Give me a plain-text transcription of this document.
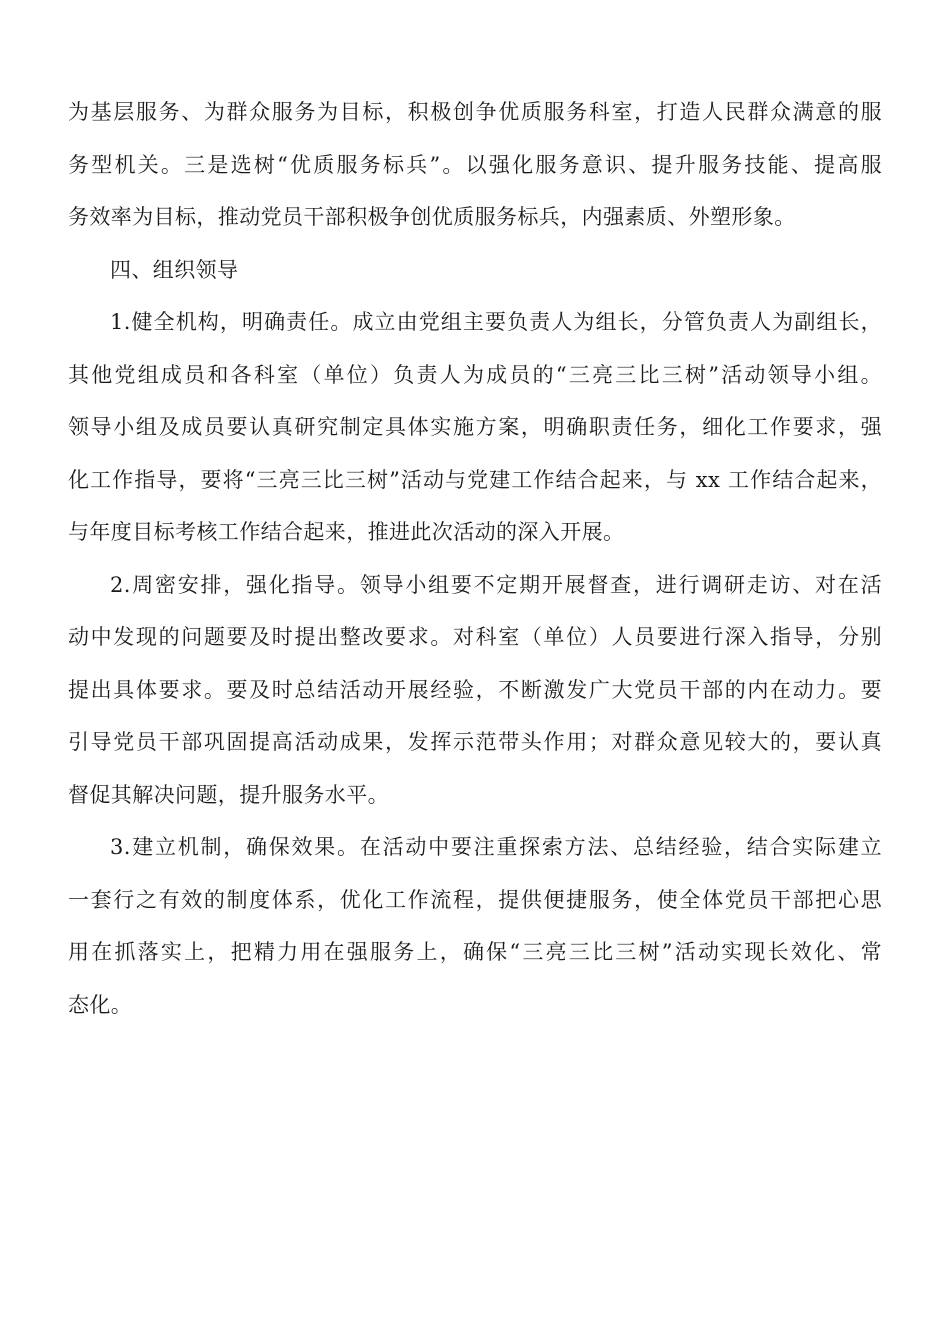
为基层服务、为群众服务为目标，积极创争优质服务科室，打造人民群众满意的服
务型机关。三是选树“优质服务标兵”。以强化服务意识、提升服务技能、提高服
务效率为目标，推动党员干部积极争创优质服务标兵，内强素质、外塑形象。
四、组织领导
1.健全机构，明确责任。成立由党组主要负责人为组长，分管负责人为副组长，
其他党组成员和各科室（单位）负责人为成员的“三亮三比三树”活动领导小组。
领导小组及成员要认真研究制定具体实施方案，明确职责任务，细化工作要求，强
化工作指导，要将“三亮三比三树”活动与党建工作结合起来，与 xx 工作结合起来，
与年度目标考核工作结合起来，推进此次活动的深入开展。
2.周密安排，强化指导。领导小组要不定期开展督查，进行调研走访、对在活
动中发现的问题要及时提出整改要求。对科室（单位）人员要进行深入指导，分别
提出具体要求。要及时总结活动开展经验，不断激发广大党员干部的内在动力。要
引导党员干部巩固提高活动成果，发挥示范带头作用；对群众意见较大的，要认真
督促其解决问题，提升服务水平。
3.建立机制，确保效果。在活动中要注重探索方法、总结经验，结合实际建立
一套行之有效的制度体系，优化工作流程，提供便捷服务，使全体党员干部把心思
用在抓落实上，把精力用在强服务上，确保“三亮三比三树”活动实现长效化、常
态化。
